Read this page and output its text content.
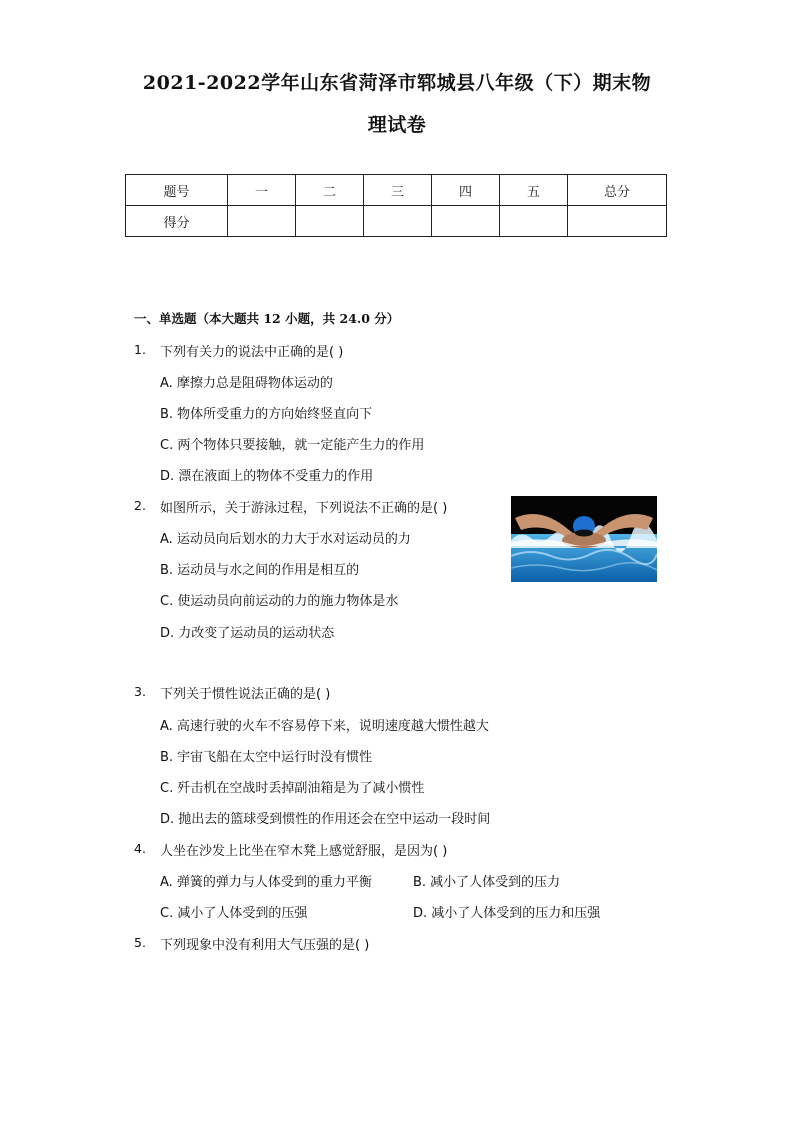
2021-2022学年山东省菏泽市郓城县八年级（下）期末物
理试卷
题号	一	二	三	四	五	总分
得分						
一、单选题（本大题共 12 小题，共 24.0 分）
1. 下列有关力的说法中正确的是( )
A. 摩擦力总是阻碍物体运动的
B. 物体所受重力的方向始终竖直向下
C. 两个物体只要接触，就一定能产生力的作用
D. 漂在液面上的物体不受重力的作用
2. 如图所示，关于游泳过程，下列说法不正确的是( )
A. 运动员向后划水的力大于水对运动员的力
B. 运动员与水之间的作用是相互的
C. 使运动员向前运动的力的施力物体是水
D. 力改变了运动员的运动状态
3. 下列关于惯性说法正确的是( )
A. 高速行驶的火车不容易停下来，说明速度越大惯性越大
B. 宇宙飞船在太空中运行时没有惯性
C. 歼击机在空战时丢掉副油箱是为了减小惯性
D. 抛出去的篮球受到惯性的作用还会在空中运动一段时间
4. 人坐在沙发上比坐在窄木凳上感觉舒服，是因为( )
A. 弹簧的弹力与人体受到的重力平衡	B. 减小了人体受到的压力
C. 减小了人体受到的压强	D. 减小了人体受到的压力和压强
5. 下列现象中没有利用大气压强的是( )
